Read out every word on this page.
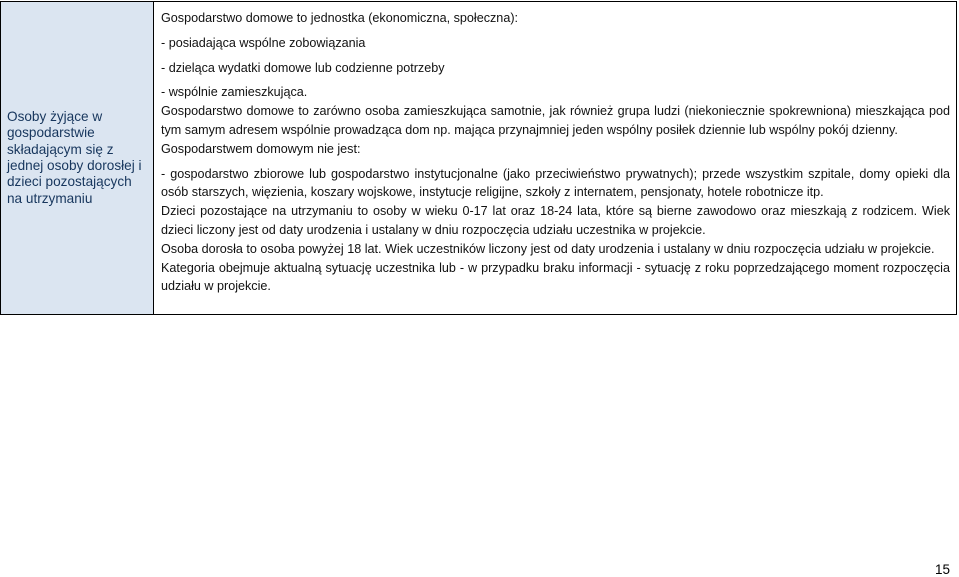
Osoby żyjące w gospodarstwie składającym się z jednej osoby dorosłej i dzieci pozostających na utrzymaniu

Gospodarstwo domowe to jednostka (ekonomiczna, społeczna):

- posiadająca wspólne zobowiązania

- dzieląca wydatki domowe lub codzienne potrzeby

- wspólnie zamieszkująca.

Gospodarstwo domowe to zarówno osoba zamieszkująca samotnie, jak również grupa ludzi (niekoniecznie spokrewniona) mieszkająca pod tym samym adresem wspólnie prowadząca dom np. mająca przynajmniej jeden wspólny posiłek dziennie lub wspólny pokój dzienny.

Gospodarstwem domowym nie jest:

- gospodarstwo zbiorowe lub gospodarstwo instytucjonalne (jako przeciwieństwo prywatnych); przede wszystkim szpitale, domy opieki dla osób starszych, więzienia, koszary wojskowe, instytucje religijne, szkoły z internatem, pensjonaty, hotele robotnicze itp.

Dzieci pozostające na utrzymaniu to osoby w wieku 0-17 lat oraz 18-24 lata, które są bierne zawodowo oraz mieszkają z rodzicem. Wiek dzieci liczony jest od daty urodzenia i ustalany w dniu rozpoczęcia udziału uczestnika w projekcie.

Osoba dorosła to osoba powyżej 18 lat. Wiek uczestników liczony jest od daty urodzenia i ustalany w dniu rozpoczęcia udziału w projekcie.

Kategoria obejmuje aktualną sytuację uczestnika lub - w przypadku braku informacji - sytuację z roku poprzedzającego moment rozpoczęcia udziału w projekcie.

15
